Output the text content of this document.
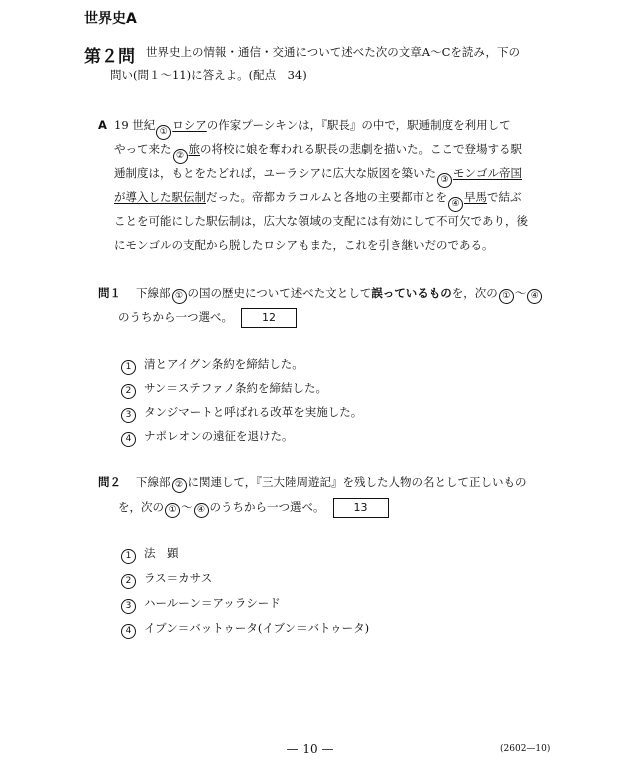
世界史A
第２問 世界史上の情報・通信・交通について述べた次の文章A～Cを読み，下の
問い(問１～11)に答えよ。(配点　34)
A 19 世紀 ① ロシアの作家プーシキンは，『駅長』の中で，駅逓制度を利用して
やって来た ② 旅の将校に娘を奪われる駅長の悲劇を描いた。ここで登場する駅
逓制度は，もとをたどれば，ユーラシアに広大な版図を築いた ③ モンゴル帝国
が導入した駅伝制だった。帝都カラコルムと各地の主要都市とを ④ 早馬で結ぶ
ことを可能にした駅伝制は，広大な領域の支配には有効にして不可欠であり，後
にモンゴルの支配から脱したロシアもまた，これを引き継いだのである。
問１ 下線部 ① の国の歴史について述べた文として誤っているものを，次の ① ～ ④
のうちから一つ選べ。	12
1 清とアイグン条約を締結した。
2 サン＝ステファノ条約を締結した。
3 タンジマートと呼ばれる改革を実施した。
4 ナポレオンの遠征を退けた。
問２ 下線部 ② に関連して，『三大陸周遊記』を残した人物の名として正しいもの
を，次の ① ～ ④ のうちから一つ選べ。	13
1 法　顕
2 ラス＝カサス
3 ハールーン＝アッラシード
4 イブン＝バットゥータ(イブン＝バトゥータ)
— 10 —	(2602—10)
